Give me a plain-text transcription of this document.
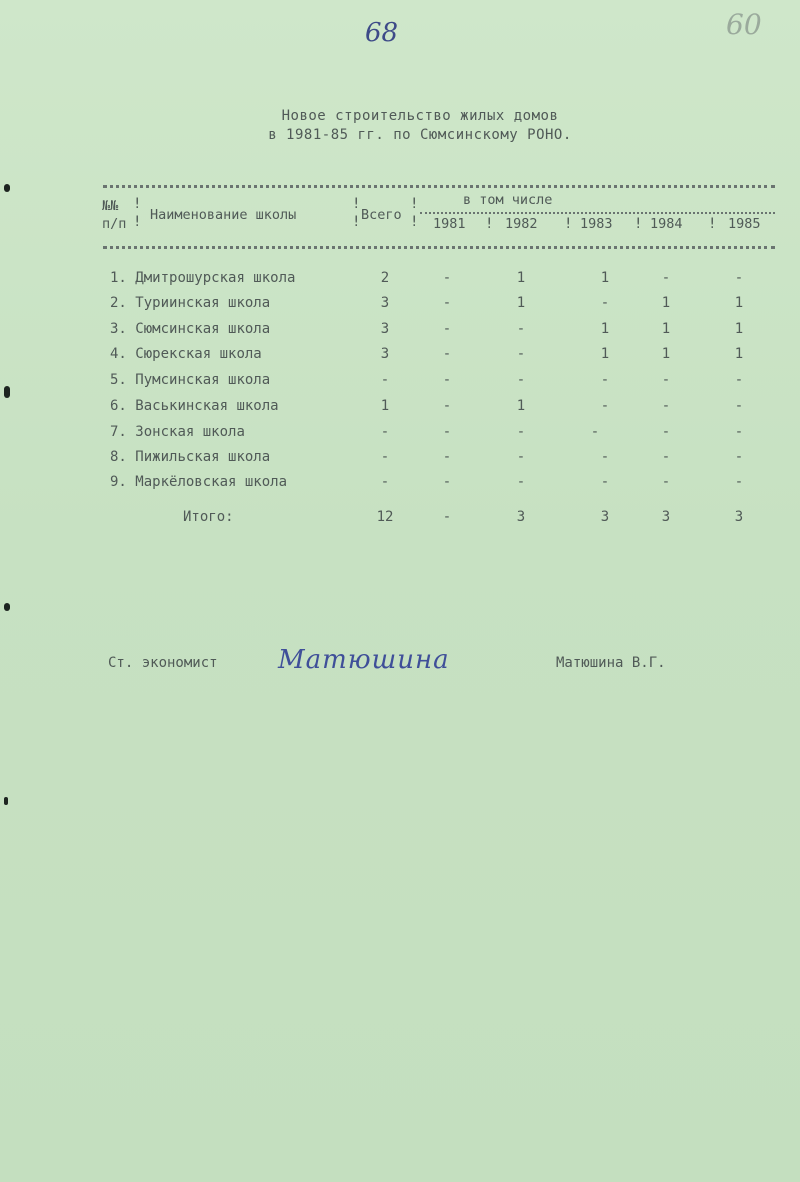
68	60
Новое строительство жилых домов
в 1981-85 гг. по Сюмсинскому РОНО.
№№
п/п
!
! Наименование школы
!
! Всего
!
!
в том числе
1981 ! 1982 ! 1983 ! 1984 ! 1985
1. Дмитрошурская школа	2	-	1	1	-	-
2. Туриинская школа	3	-	1	-	1	1
3. Сюмсинская школа	3	-	-	1	1	1
4. Сюрекская школа	3	-	-	1	1	1
5. Пумсинская школа	-	-	-	-	-	-
6. Васькинская школа	1	-	1	-	-	-
7. Зонская школа	-	-	-	-	-	-
8. Пижильская школа	-	-	-	-	-	-
9. Маркёловская школа	-	-	-	-	-	-
Итого:	12	-	3	3	3	3
Ст. экономист Матюшина	Матюшина В.Г.
